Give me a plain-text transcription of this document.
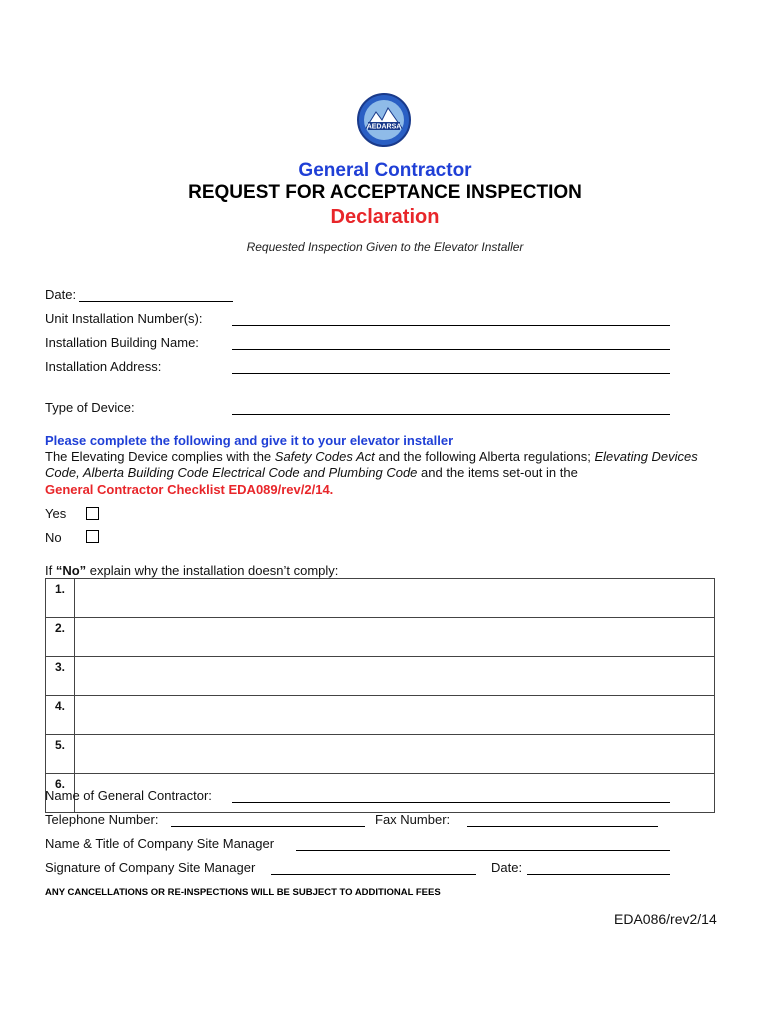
AEDARSA
General Contractor
REQUEST FOR ACCEPTANCE INSPECTION
Declaration
Requested Inspection Given to the Elevator Installer
Date:
Unit Installation Number(s):
Installation Building Name:
Installation Address:
Type of Device:
Please complete the following and give it to your elevator installer
The Elevating Device complies with the Safety Codes Act and the following Alberta regulations; Elevating Devices Code, Alberta Building Code Electrical Code and Plumbing Code and the items set-out in the
General Contractor Checklist EDA089/rev/2/14.
Yes
No
If “No” explain why the installation doesn’t comply:
1.	
2.	
3.	
4.	
5.	
6.	
Name of General Contractor:
Telephone Number:	Fax Number:
Name & Title of Company Site Manager
Signature of Company Site Manager	Date:
ANY CANCELLATIONS OR RE-INSPECTIONS WILL BE SUBJECT TO ADDITIONAL FEES
EDA086/rev2/14
